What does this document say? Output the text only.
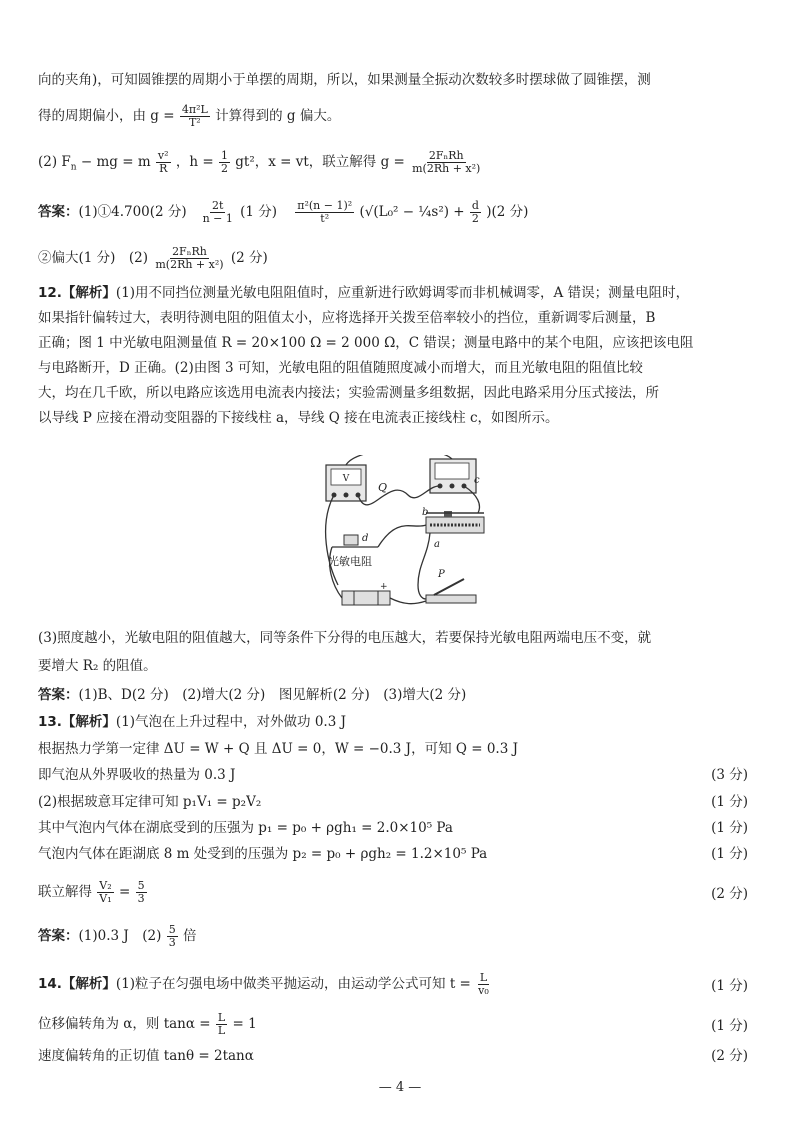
向的夹角)，可知圆锥摆的周期小于单摆的周期，所以，如果测量全振动次数较多时摆球做了圆锥摆，测
得的周期偏小，由 $g = \frac{\text{4π²L}}{\text{T²}}$ 计算得到的 g 偏大。
(2) $F_n$ − mg = m $\frac{\text{v²}}{R}$ ，$h = \frac{1}{2} gt^2$，x = vt，联立解得 $g = \frac{\text{2FₙRh}}{\text{m(2Rh + x²)}}$
答案：(1)①4.700(2 分) $\frac{2t}{n - 1} (1$ 分) $\frac{\text{π²(n − 1)²}}{\text{t²}} (√(L_0^2$ − ¼s²) + $\frac{d}{2} )(2$ 分)
②偏大(1 分)　$(2) \frac{\text{2FₙRh}}{\text{m(2Rh + x²)}} (2$ 分)
12.【解析】(1)用不同挡位测量光敏电阻阻值时，应重新进行欧姆调零而非机械调零，A 错误；测量电阻时，
如果指针偏转过大，表明待测电阻的阻值太小，应将选择开关拨至倍率较小的挡位，重新调零后测量，B
正确；图 1 中光敏电阻测量值 R = 20×100 Ω = 2 000 Ω，C 错误；测量电路中的某个电阻，应该把该电阻
与电路断开，D 正确。(2)由图 3 可知，光敏电阻的阻值随照度减小而增大，而且光敏电阻的阻值比较
大，均在几千欧，所以电路应该选用电流表内接法；实验需测量多组数据，因此电路采用分压式接法，所
以导线 P 应接在滑动变阻器的下接线柱 a，导线 Q 接在电流表正接线柱 c，如图所示。
V
Q
c
b
a
d
P
光敏电阻
+
(3)照度越小，光敏电阻的阻值越大，同等条件下分得的电压越大，若要保持光敏电阻两端电压不变，就
要增大 R₂ 的阻值。
答案：(1)B、D(2 分)　(2)增大(2 分)　图见解析(2 分)　(3)增大(2 分)
13.【解析】(1)气泡在上升过程中，对外做功 0.3 J
根据热力学第一定律 ΔU = W + Q 且 ΔU = 0，W = −0.3 J，可知 Q = 0.3 J
即气泡从外界吸收的热量为 0.3 J	(3 分)
(2)根据玻意耳定律可知 p₁V₁ = p₂V₂	(1 分)
其中气泡内气体在湖底受到的压强为 p₁ = p₀ + ρgh₁ = 2.0×10⁵ Pa	(1 分)
气泡内气体在距湖底 8 m 处受到的压强为 p₂ = p₀ + ρgh₂ = 1.2×10⁵ Pa	(1 分)
联立解得 $\frac{\text{V₂}}{\text{V₁}} = \frac{5}{3}$	(2 分)
答案：(1)0.3 J　$(2) \frac{5}{3}$ 倍
14.【解析】(1)粒子在匀强电场中做类平抛运动，由运动学公式可知 $t = \frac{L}{\text{v₀}}$	(1 分)
位移偏转角为 α，则 $\tan\alpha = \frac{L}{L} = 1$	(1 分)
速度偏转角的正切值 tanθ = 2tanα	(2 分)
— 4 —
